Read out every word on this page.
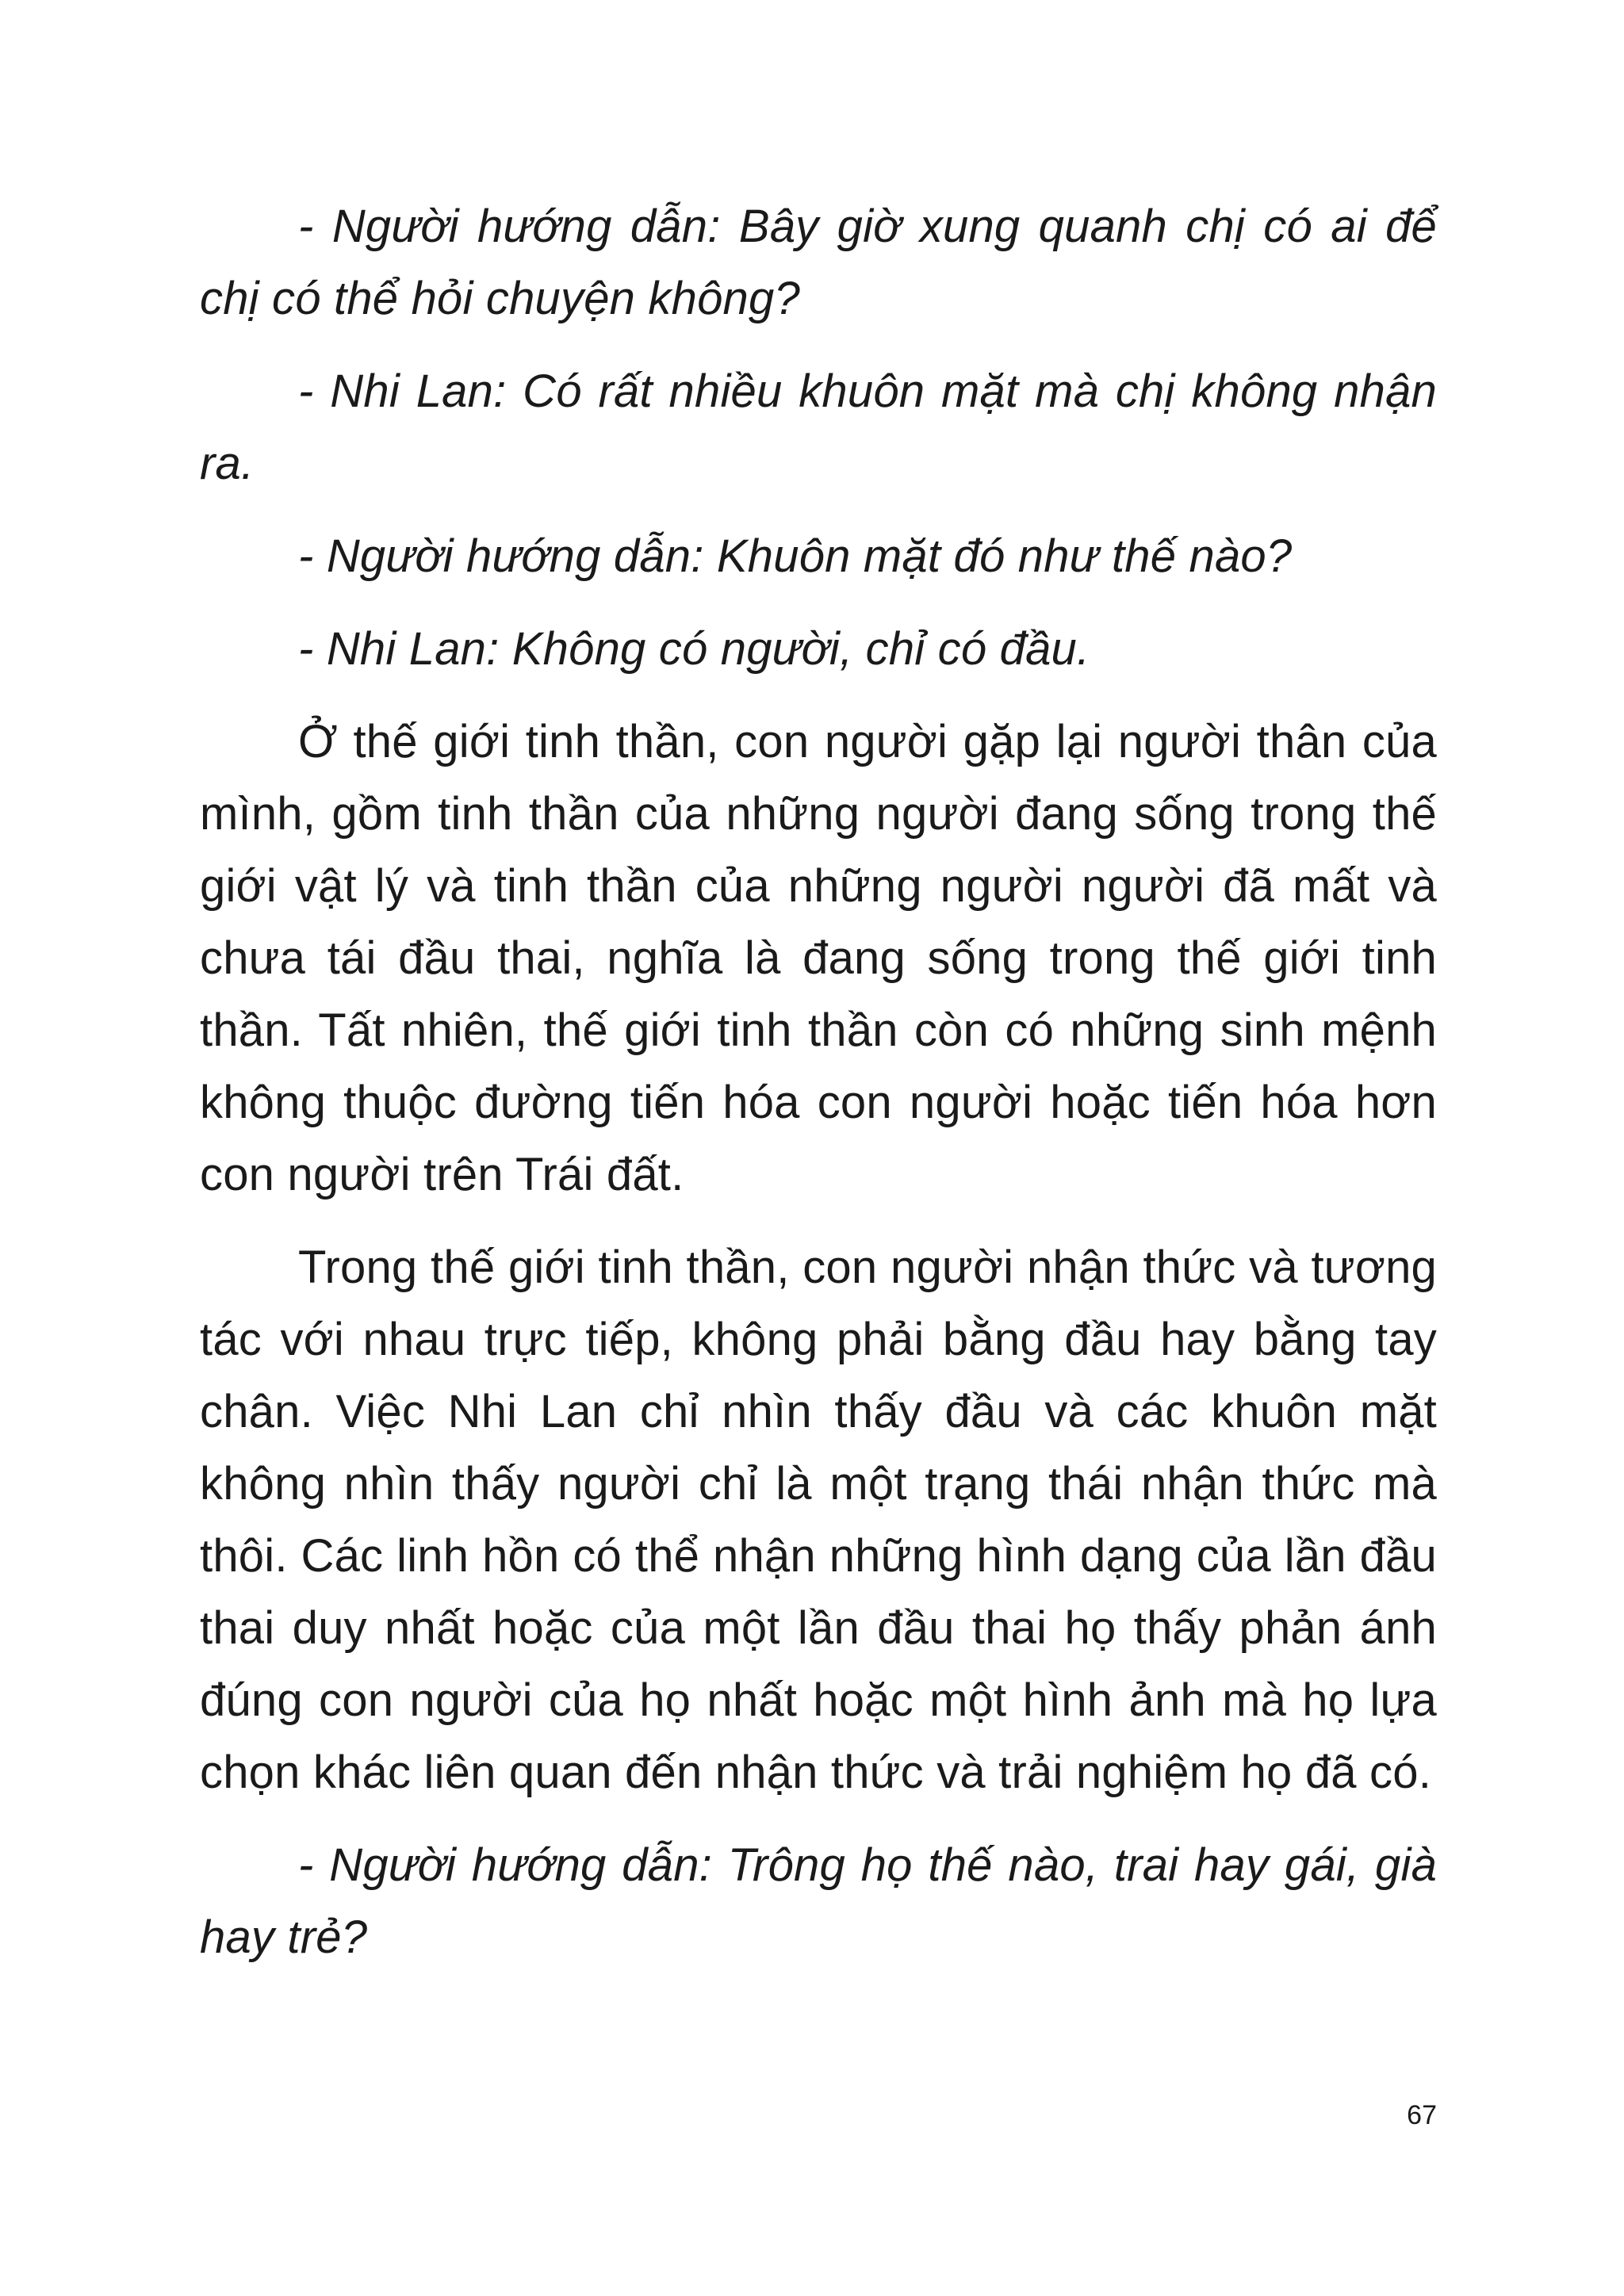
- Người hướng dẫn: Bây giờ xung quanh chị có ai để chị có thể hỏi chuyện không?

- Nhi Lan: Có rất nhiều khuôn mặt mà chị không nhận ra.

- Người hướng dẫn: Khuôn mặt đó như thế nào?

- Nhi Lan: Không có người, chỉ có đầu.

Ở thế giới tinh thần, con người gặp lại người thân của mình, gồm tinh thần của những người đang sống trong thế giới vật lý và tinh thần của những người người đã mất và chưa tái đầu thai, nghĩa là đang sống trong thế giới tinh thần. Tất nhiên, thế giới tinh thần còn có những sinh mệnh không thuộc đường tiến hóa con người hoặc tiến hóa hơn con người trên Trái đất.

Trong thế giới tinh thần, con người nhận thức và tương tác với nhau trực tiếp, không phải bằng đầu hay bằng tay chân. Việc Nhi Lan chỉ nhìn thấy đầu và các khuôn mặt không nhìn thấy người chỉ là một trạng thái nhận thức mà thôi. Các linh hồn có thể nhận những hình dạng của lần đầu thai duy nhất hoặc của một lần đầu thai họ thấy phản ánh đúng con người của họ nhất hoặc một hình ảnh mà họ lựa chọn khác liên quan đến nhận thức và trải nghiệm họ đã có.

- Người hướng dẫn: Trông họ thế nào, trai hay gái, già hay trẻ?

67
